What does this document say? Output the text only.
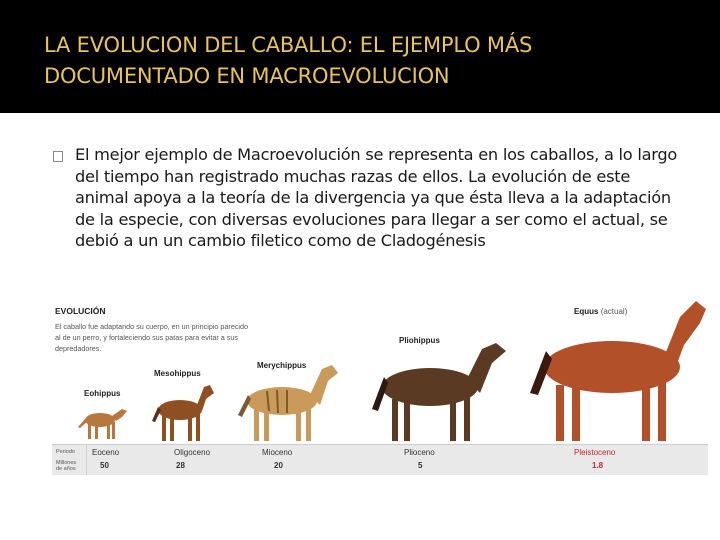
LA EVOLUCION DEL CABALLO: EL EJEMPLO MÁS DOCUMENTADO EN MACROEVOLUCION
El mejor ejemplo de Macroevolución se representa en los caballos, a lo largo del tiempo han registrado muchas razas de ellos. La evolución de este animal apoya a la teoría de la divergencia ya que ésta lleva a la adaptación de la especie, con diversas evoluciones para llegar a ser como el actual, se debió a un un cambio filetico como de Cladogénesis
EVOLUCIÓN
El caballo fue adaptando su cuerpo, en un principio parecido al de un perro, y fortaleciendo sus patas para evitar a sus depredadores.
Eohippus
Mesohippus
Merychippus
Pliohippus
Equus (actual)
Periodo
Millones de años
Eoceno
50
Oligoceno
28
Mioceno
20
Plioceno
5
Pleistoceno
1.8
